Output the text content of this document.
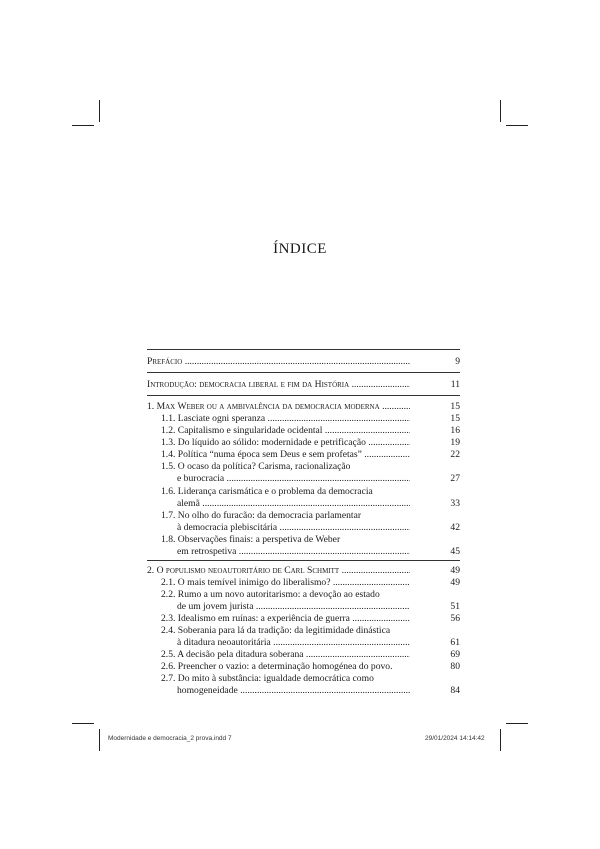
ÍNDICE
Prefácio .....	9
Introdução: democracia liberal e fim da História .....	11
1. Max Weber ou a ambivalência da democracia moderna .....	15
1.1. Lasciate ogni speranza .....	15
1.2. Capitalismo e singularidade ocidental .....	16
1.3. Do líquido ao sólido: modernidade e petrificação .....	19
1.4. Política “numa época sem Deus e sem profetas” .....	22
1.5. O ocaso da política? Carisma, racionalização
e burocracia .....	27
1.6. Liderança carismática e o problema da democracia
alemã .....	33
1.7. No olho do furacão: da democracia parlamentar
à democracia plebiscitária .....	42
1.8. Observações finais: a perspetiva de Weber
em retrospetiva .....	45
2. O populismo neoautoritário de Carl Schmitt .....	49
2.1. O mais temível inimigo do liberalismo? .....	49
2.2. Rumo a um novo autoritarismo: a devoção ao estado
de um jovem jurista .....	51
2.3. Idealismo em ruínas: a experiência de guerra .....	56
2.4. Soberania para lá da tradição: da legitimidade dinástica
à ditadura neoautoritária .....	61
2.5. A decisão pela ditadura soberana .....	69
2.6. Preencher o vazio: a determinação homogénea do povo.	80
2.7. Do mito à substância: igualdade democrática como
homogeneidade .....	84
Modernidade e democracia_2 prova.indd 7	29/01/2024 14:14:42
